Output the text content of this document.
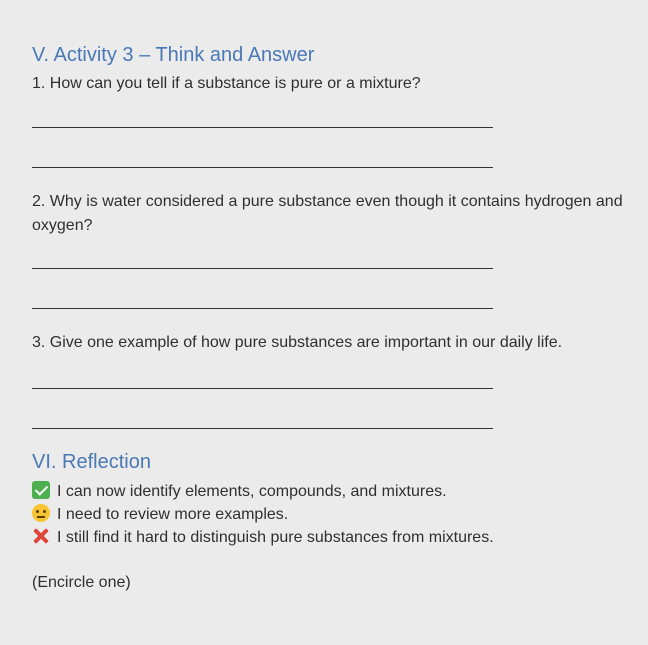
V. Activity 3 – Think and Answer
1. How can you tell if a substance is pure or a mixture?
2. Why is water considered a pure substance even though it contains hydrogen and
oxygen?
3. Give one example of how pure substances are important in our daily life.
VI. Reflection
I can now identify elements, compounds, and mixtures.
I need to review more examples.
I still find it hard to distinguish pure substances from mixtures.
(Encircle one)
